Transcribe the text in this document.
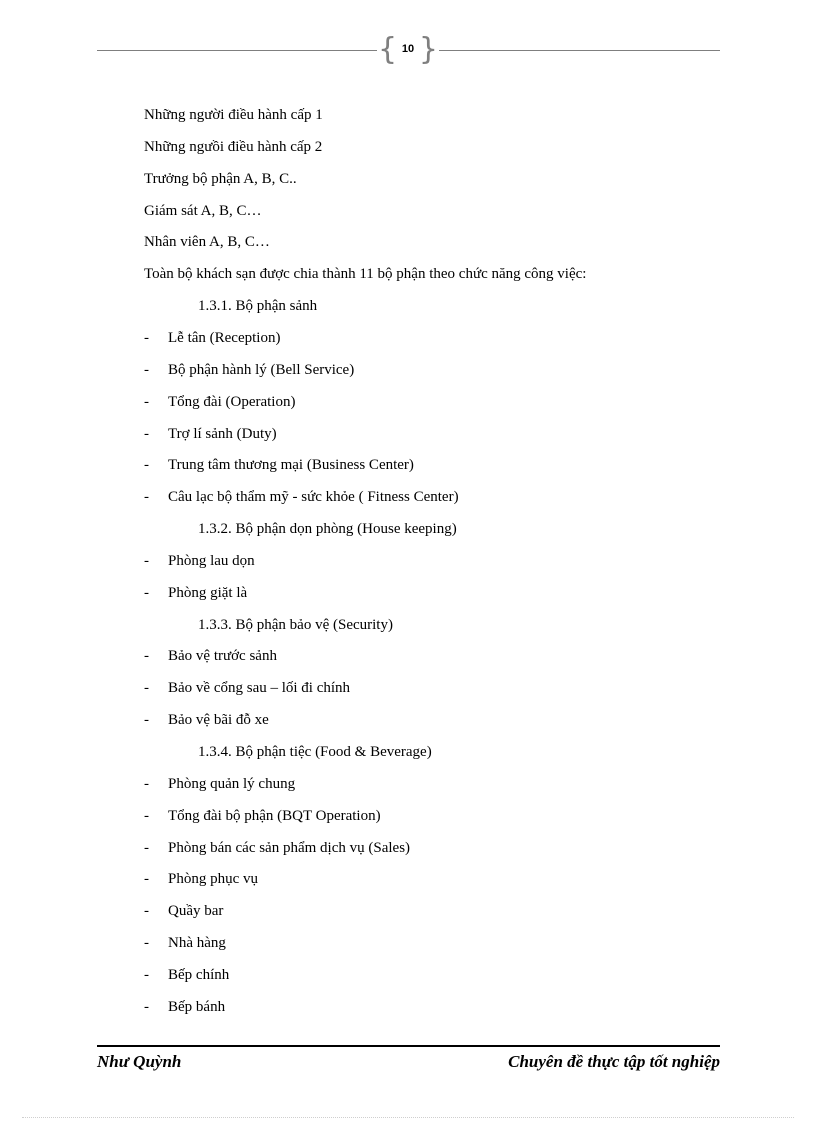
{ 10 }
Những người điều hành cấp 1
Những ngưồi điều hành cấp 2
Trưởng bộ phận A, B, C..
Giám sát A, B, C…
Nhân viên A, B, C…
Toàn bộ khách sạn được chia thành 11 bộ phận theo chức năng công việc:
1.3.1. Bộ phận sảnh
- Lễ tân (Reception)
- Bộ phận hành lý (Bell Service)
- Tổng đài (Operation)
- Trợ lí sảnh (Duty)
- Trung tâm thương mại (Business Center)
- Câu lạc bộ thẩm mỹ - sức khỏe ( Fitness Center)
1.3.2. Bộ phận dọn phòng (House keeping)
- Phòng lau dọn
- Phòng giặt là
1.3.3. Bộ phận bảo vệ (Security)
- Bảo vệ trước sảnh
- Bảo về cổng sau – lối đi chính
- Bảo vệ bãi đỗ xe
1.3.4. Bộ phận tiệc (Food & Beverage)
- Phòng quản lý chung
- Tổng đài bộ phận (BQT Operation)
- Phòng bán các sản phẩm dịch vụ (Sales)
- Phòng phục vụ
- Quầy bar
- Nhà hàng
- Bếp chính
- Bếp bánh
Như Quỳnh	Chuyên đề thực tập tốt nghiệp
